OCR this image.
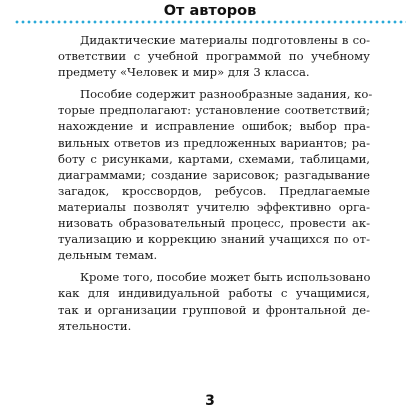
От авторов

Дидактические материалы подготовлены в со-
ответствии с учебной программой по учебному
предмету «Человек и мир» для 3 класса.

Пособие содержит разнообразные задания, ко-
торые предполагают: установление соответствий;
нахождение и исправление ошибок; выбор пра-
вильных ответов из предложенных вариантов; ра-
боту с рисунками, картами, схемами, таблицами,
диаграммами; создание зарисовок; разгадывание
загадок, кроссвордов, ребусов. Предлагаемые
материалы позволят учителю эффективно орга-
низовать образовательный процесс, провести ак-
туализацию и коррекцию знаний учащихся по от-
дельным темам.

Кроме того, пособие может быть использовано
как для индивидуальной работы с учащимися,
так и организации групповой и фронтальной де-
ятельности.

3
